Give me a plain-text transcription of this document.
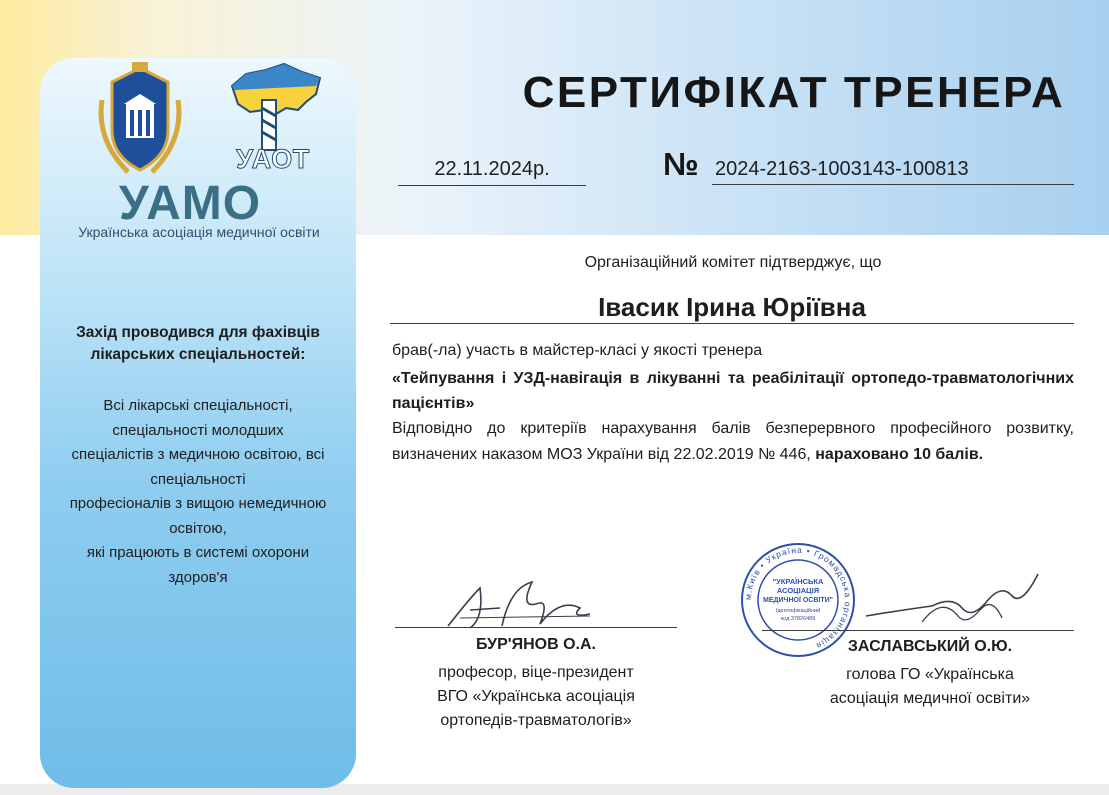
УАОТ
УАМО
Українська асоціація медичної освіти
Захід проводився для фахівців лікарських спеціальностей:
Всі лікарські спеціальності,
спеціальності молодших
спеціалістів з медичною освітою, всі
спеціальності
професіоналів з вищою немедичною
освітою,
які працюють в системі охорони
здоров'я
СЕРТИФІКАТ ТРЕНЕРА
22.11.2024р.	№ 2024-2163-1003143-100813
Організаційний комітет підтверджує, що
Івасик Ірина Юріївна
брав(-ла) участь в майстер-класі у якості тренера
«Тейпування і УЗД-навігація в лікуванні та реабілітації ортопедо-травматологічних пацієнтів»
Відповідно до критеріїв нарахування балів безперервного професійного розвитку, визначених наказом МОЗ України від 22.02.2019 № 446, нараховано 10 балів.
м.Київ • Україна • Громадська організація
"УКРАЇНСЬКА
АСОЦІАЦІЯ
МЕДИЧНОЇ ОСВІТИ"
Ідентифікаційний
код 37826489
БУР'ЯНОВ О.А.
професор, віце-президент
ВГО «Українська асоціація
ортопедів-травматологів»
ЗАСЛАВСЬКИЙ О.Ю.
голова ГО «Українська
асоціація медичної освіти»
